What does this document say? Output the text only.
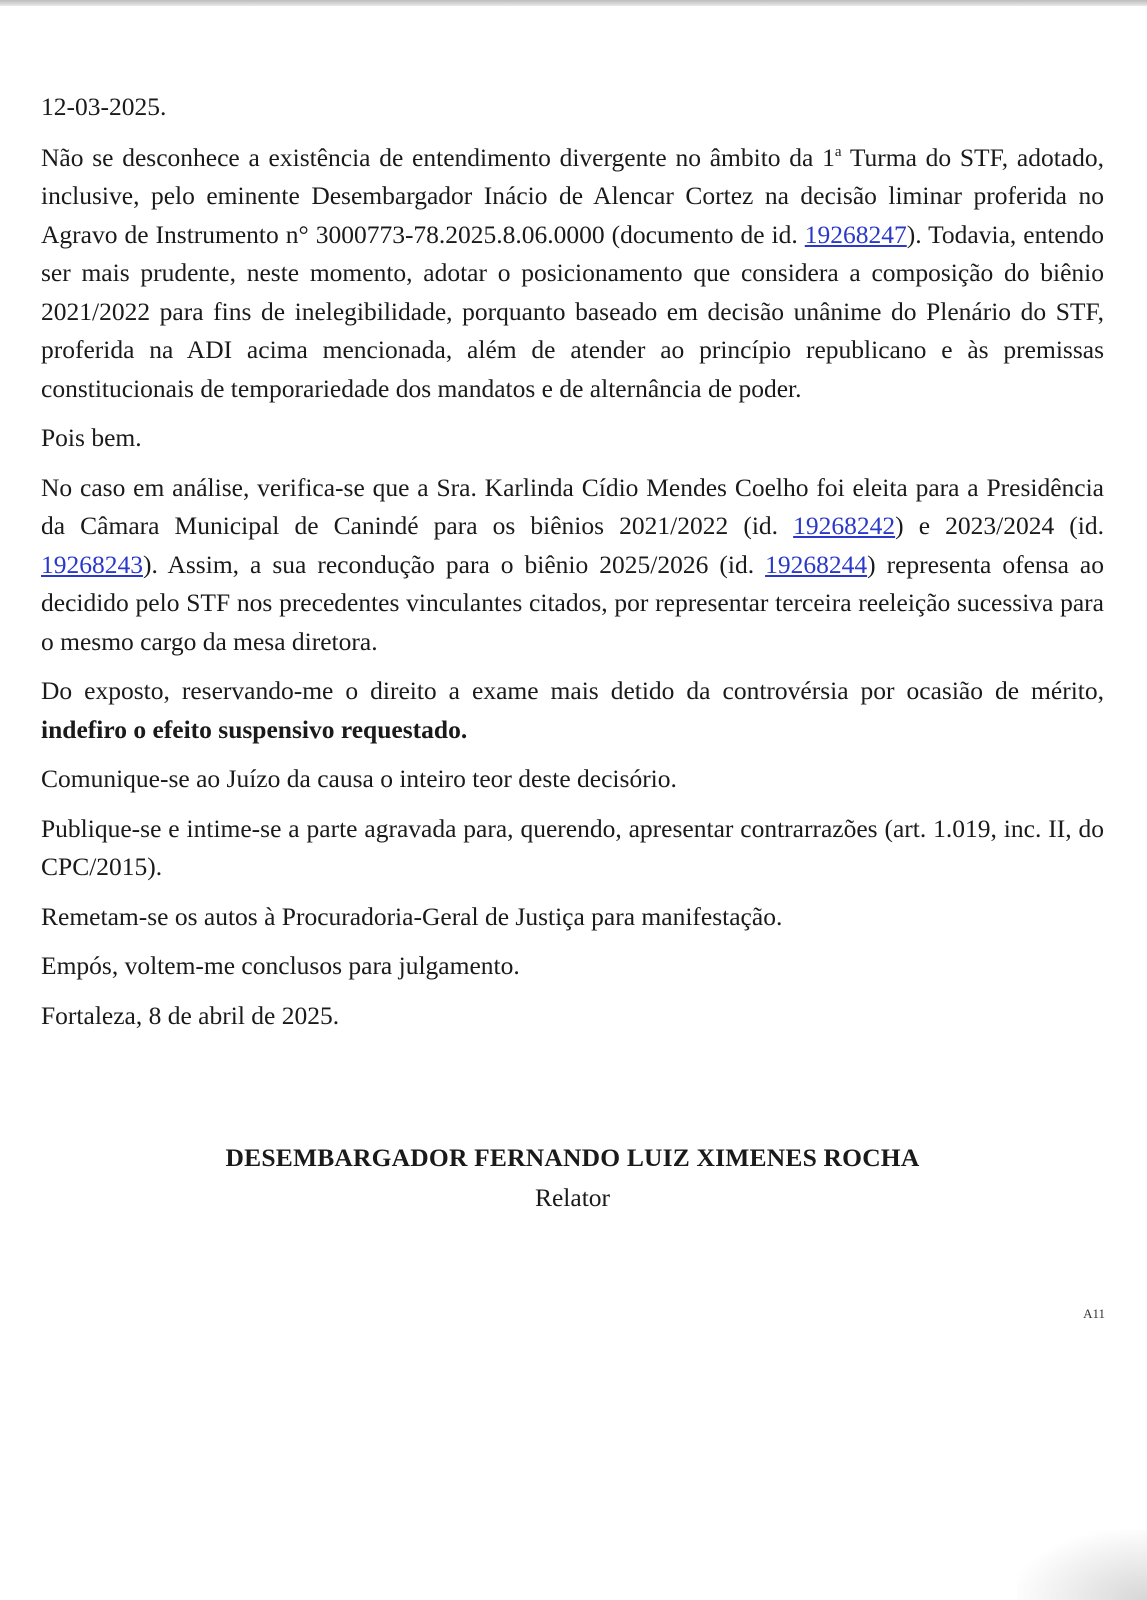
12-03-2025.

Não se desconhece a existência de entendimento divergente no âmbito da 1$^a$ Turma do STF, adotado, inclusive, pelo eminente Desembargador Inácio de Alencar Cortez na decisão liminar proferida no Agravo de Instrumento n° 3000773-78.2025.8.06.0000 (documento de id. 19268247). Todavia, entendo ser mais prudente, neste momento, adotar o posicionamento que considera a composição do biênio 2021/2022 para fins de inelegibilidade, porquanto baseado em decisão unânime do Plenário do STF, proferida na ADI acima mencionada, além de atender ao princípio republicano e às premissas constitucionais de temporariedade dos mandatos e de alternância de poder.

Pois bem.

No caso em análise, verifica-se que a Sra. Karlinda Cídio Mendes Coelho foi eleita para a Presidência da Câmara Municipal de Canindé para os biênios 2021/2022 (id. 19268242) e 2023/2024 (id. 19268243). Assim, a sua recondução para o biênio 2025/2026 (id. 19268244) representa ofensa ao decidido pelo STF nos precedentes vinculantes citados, por representar terceira reeleição sucessiva para o mesmo cargo da mesa diretora.

Do exposto, reservando-me o direito a exame mais detido da controvérsia por ocasião de mérito, indefiro o efeito suspensivo requestado.

Comunique-se ao Juízo da causa o inteiro teor deste decisório.

Publique-se e intime-se a parte agravada para, querendo, apresentar contrarrazões (art. 1.019, inc. II, do CPC/2015).

Remetam-se os autos à Procuradoria-Geral de Justiça para manifestação.

Empós, voltem-me conclusos para julgamento.

Fortaleza, 8 de abril de 2025.

DESEMBARGADOR FERNANDO LUIZ XIMENES ROCHA
Relator
A11
